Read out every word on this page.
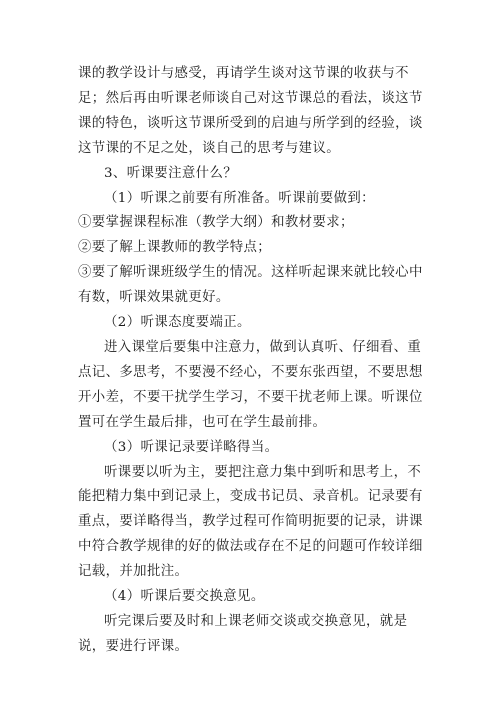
课的教学设计与感受，再请学生谈对这节课的收获与不足；然后再由听课老师谈自己对这节课总的看法，谈这节课的特色，谈听这节课所受到的启迪与所学到的经验，谈这节课的不足之处，谈自己的思考与建议。

3、听课要注意什么？

（1）听课之前要有所准备。听课前要做到：

①要掌握课程标准（教学大纲）和教材要求；

②要了解上课教师的教学特点；

③要了解听课班级学生的情况。这样听起课来就比较心中有数，听课效果就更好。

（2）听课态度要端正。

进入课堂后要集中注意力，做到认真听、仔细看、重点记、多思考，不要漫不经心，不要东张西望，不要思想开小差，不要干扰学生学习，不要干扰老师上课。听课位置可在学生最后排，也可在学生最前排。

（3）听课记录要详略得当。

听课要以听为主，要把注意力集中到听和思考上，不能把精力集中到记录上，变成书记员、录音机。记录要有重点，要详略得当，教学过程可作简明扼要的记录，讲课中符合教学规律的好的做法或存在不足的问题可作较详细记载，并加批注。

（4）听课后要交换意见。

听完课后要及时和上课老师交谈或交换意见，就是说，要进行评课。
